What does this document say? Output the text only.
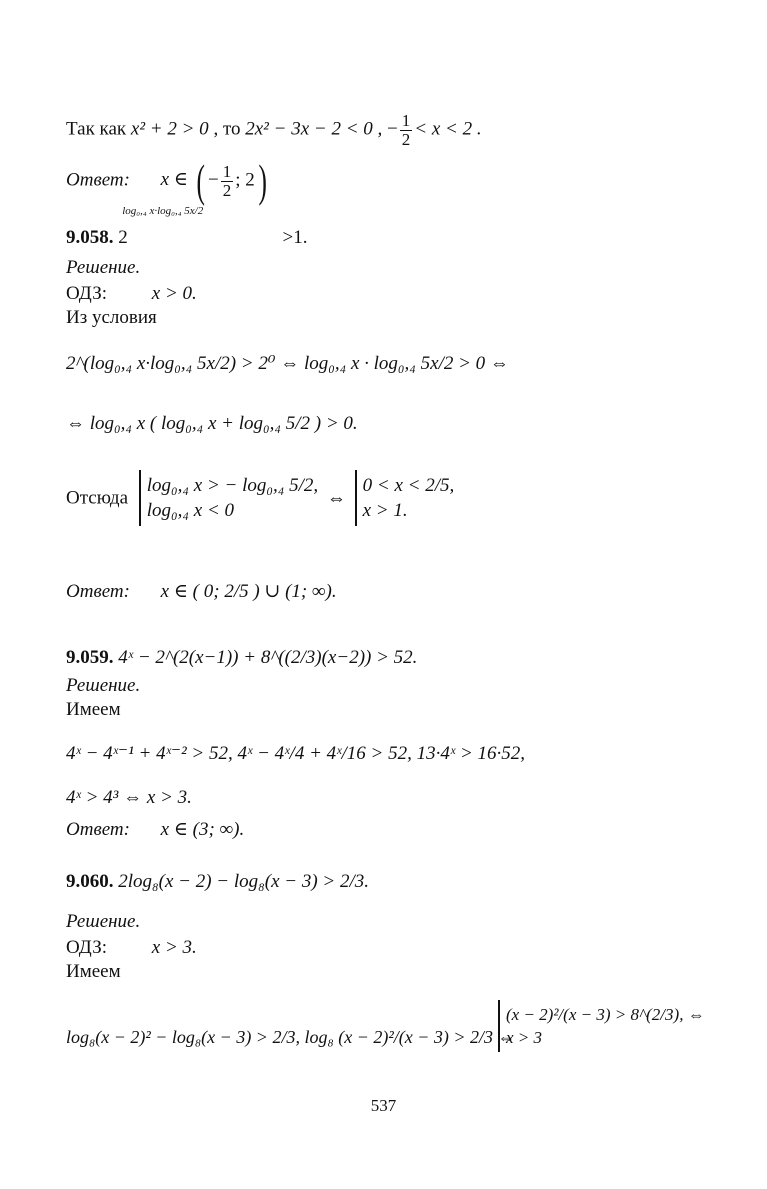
Так как x² + 2 > 0 , то 2x² − 3x − 2 < 0 , − $\frac{1}{2} < x < 2$ .
Ответ: x ∈ ( − $\frac{1}{2}$ ; 2)
9.058. 2
log₀,₄ x·log₀,₄ 5x/2
>1.
Решение.
ОДЗ: x > 0.
Из условия
2^(log₀,₄ x·log₀,₄ 5x/2) > 2⁰ ⇔ log₀,₄ x · log₀,₄ 5x/2 > 0 ⇔
⇔ log₀,₄ x ( log₀,₄ x + log₀,₄ 5/2 ) > 0.
Отсюда
log₀,₄ x > − log₀,₄ 5/2,
log₀,₄ x < 0
⇔
0 < x < 2/5,
x > 1.
Ответ: x ∈ ( 0; 2/5 ) ∪ (1; ∞).
9.059. 4ˣ − 2^(2(x−1)) + 8^((2/3)(x−2)) > 52.
Решение.
Имеем
4ˣ − 4ˣ⁻¹ + 4ˣ⁻² > 52, 4ˣ − 4ˣ/4 + 4ˣ/16 > 52, 13·4ˣ > 16·52,
4ˣ > 4³ ⇔ x > 3.
Ответ: x ∈ (3; ∞).
9.060. 2log₈(x − 2) − log₈(x − 3) > 2/3.
Решение.
ОДЗ: x > 3.
Имеем
log₈(x − 2)² − log₈(x − 3) > 2/3, log₈ (x − 2)²/(x − 3) > 2/3 ⇔
(x − 2)²/(x − 3) > 8^(2/3), ⇔
x > 3
537
